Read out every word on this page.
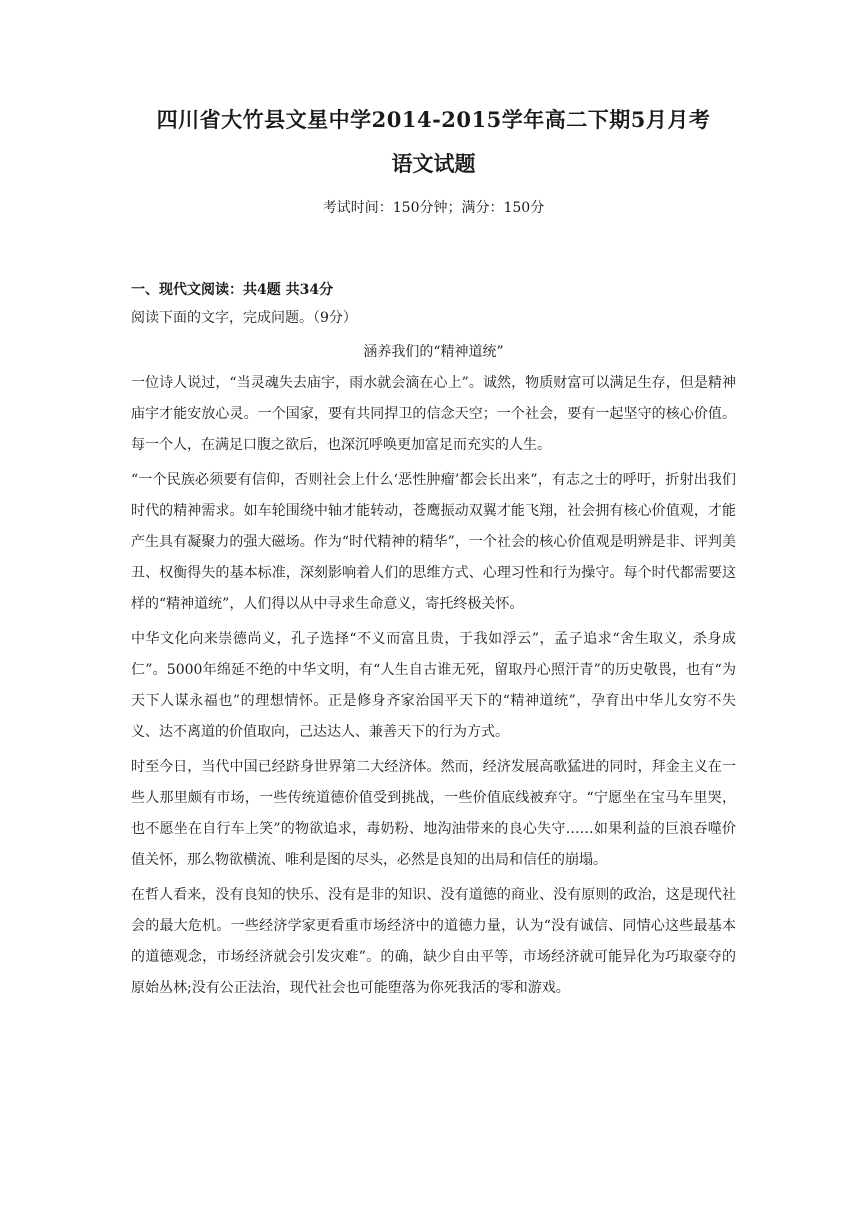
四川省大竹县文星中学2014-2015学年高二下期5月月考
语文试题

考试时间：150分钟；满分：150分

一、现代文阅读：共4题 共34分

阅读下面的文字，完成问题。（9分）

涵养我们的“精神道统”

一位诗人说过，“当灵魂失去庙宇，雨水就会滴在心上”。诚然，物质财富可以满足生存，但是精神庙宇才能安放心灵。一个国家，要有共同捍卫的信念天空；一个社会，要有一起坚守的核心价值。每一个人，在满足口腹之欲后，也深沉呼唤更加富足而充实的人生。

“一个民族必须要有信仰，否则社会上什么‘恶性肿瘤’都会长出来”，有志之士的呼吁，折射出我们时代的精神需求。如车轮围绕中轴才能转动，苍鹰振动双翼才能飞翔，社会拥有核心价值观，才能产生具有凝聚力的强大磁场。作为“时代精神的精华”，一个社会的核心价值观是明辨是非、评判美丑、权衡得失的基本标准，深刻影响着人们的思维方式、心理习性和行为操守。每个时代都需要这样的“精神道统”，人们得以从中寻求生命意义，寄托终极关怀。

中华文化向来崇德尚义，孔子选择“不义而富且贵，于我如浮云”，孟子追求“舍生取义，杀身成仁”。5000年绵延不绝的中华文明，有“人生自古谁无死，留取丹心照汗青”的历史敬畏，也有“为天下人谋永福也”的理想情怀。正是修身齐家治国平天下的“精神道统”，孕育出中华儿女穷不失义、达不离道的价值取向，己达达人、兼善天下的行为方式。

时至今日，当代中国已经跻身世界第二大经济体。然而，经济发展高歌猛进的同时，拜金主义在一些人那里颇有市场，一些传统道德价值受到挑战，一些价值底线被弃守。“宁愿坐在宝马车里哭，也不愿坐在自行车上笑”的物欲追求，毒奶粉、地沟油带来的良心失守……如果利益的巨浪吞噬价值关怀，那么物欲横流、唯利是图的尽头，必然是良知的出局和信任的崩塌。

在哲人看来，没有良知的快乐、没有是非的知识、没有道德的商业、没有原则的政治，这是现代社会的最大危机。一些经济学家更看重市场经济中的道德力量，认为“没有诚信、同情心这些最基本的道德观念，市场经济就会引发灾难”。的确，缺少自由平等，市场经济就可能异化为巧取豪夺的原始丛林;没有公正法治，现代社会也可能堕落为你死我活的零和游戏。
